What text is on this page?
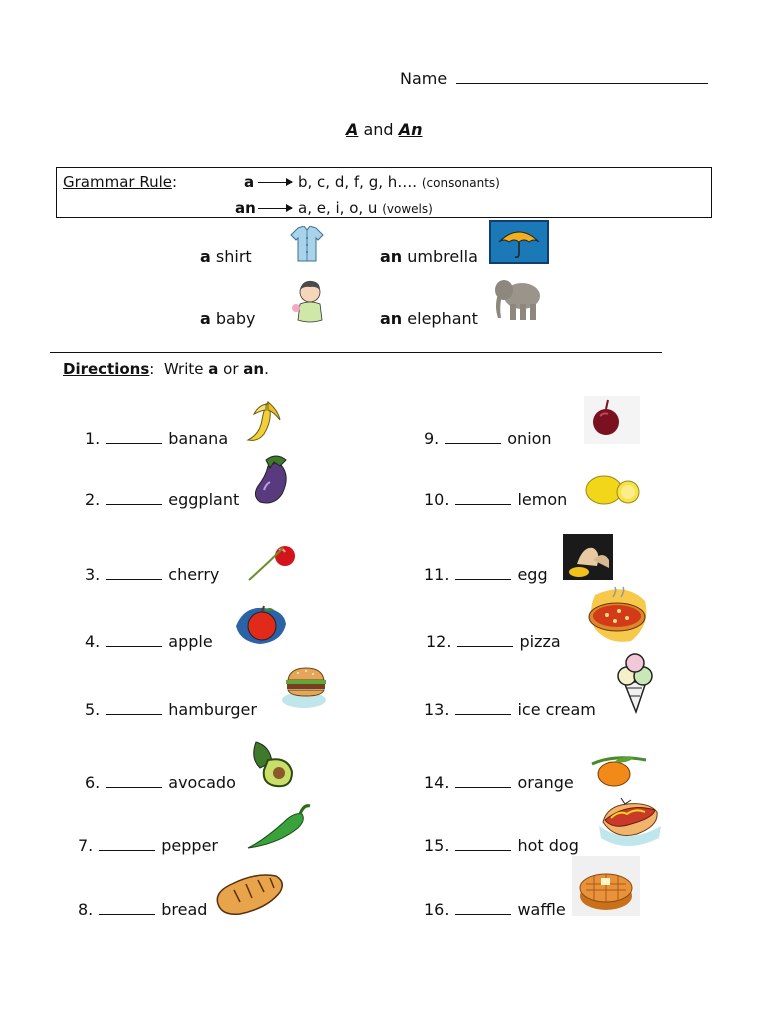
Name
A and An
Grammar Rule:	a	b, c, d, f, g, h…. (consonants)
an	a, e, i, o, u (vowels)
a shirt	an umbrella
a baby	an elephant
Directions:  Write a or an.
1.	banana
2.	eggplant
3.	cherry
4.	apple
5.	hamburger
6.	avocado
7.	pepper
8.	bread
9.	onion
10.	lemon
11.	egg
12.	pizza
13.	ice cream
14.	orange
15.	hot dog
16.	waffle
